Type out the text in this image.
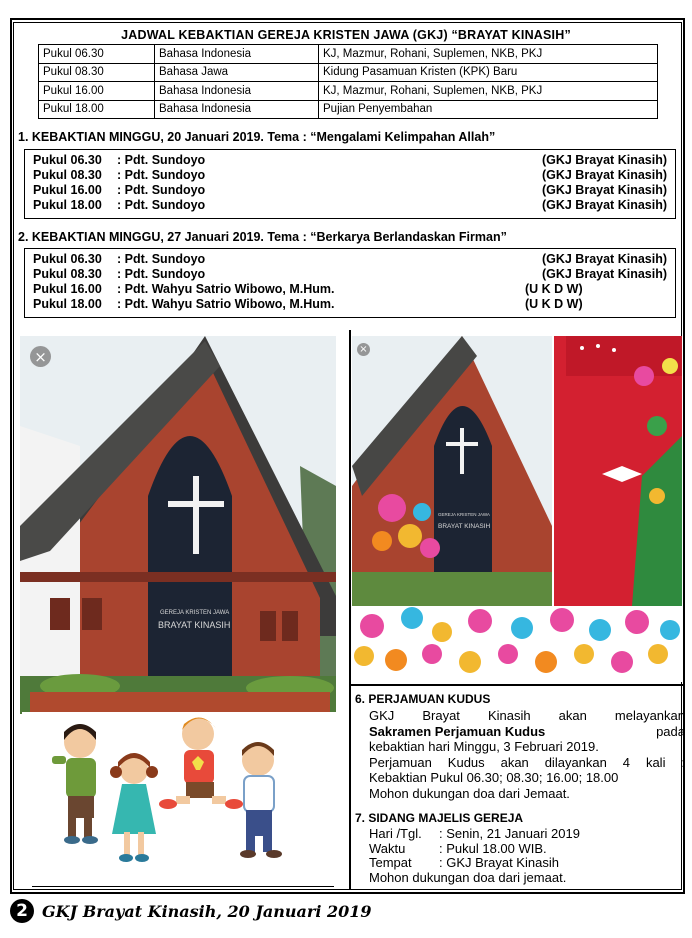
JADWAL KEBAKTIAN GEREJA KRISTEN JAWA (GKJ) “BRAYAT KINASIH”
Pukul 06.30	Bahasa Indonesia	KJ, Mazmur, Rohani, Suplemen, NKB, PKJ
Pukul 08.30	Bahasa Jawa	Kidung Pasamuan Kristen (KPK) Baru
Pukul 16.00	Bahasa Indonesia	KJ, Mazmur, Rohani, Suplemen, NKB, PKJ
Pukul 18.00	Bahasa Indonesia	Pujian Penyembahan
1. KEBAKTIAN MINGGU, 20 Januari 2019. Tema : “Mengalami Kelimpahan Allah”
Pukul 06.30 : Pdt. Sundoyo	(GKJ Brayat Kinasih)
Pukul 08.30 : Pdt. Sundoyo	(GKJ Brayat Kinasih)
Pukul 16.00 : Pdt. Sundoyo	(GKJ Brayat Kinasih)
Pukul 18.00 : Pdt. Sundoyo	(GKJ Brayat Kinasih)
2. KEBAKTIAN MINGGU, 27 Januari 2019. Tema : “Berkarya Berlandaskan Firman”
Pukul 06.30 : Pdt. Sundoyo	(GKJ Brayat Kinasih)
Pukul 08.30 : Pdt. Sundoyo	(GKJ Brayat Kinasih)
Pukul 16.00 : Pdt. Wahyu Satrio Wibowo, M.Hum.	(U K D W)
Pukul 18.00 : Pdt. Wahyu Satrio Wibowo, M.Hum.	(U K D W)
GEREJA KRISTEN JAWA
BRAYAT KINASIH
×
GEREJA KRISTEN JAWA
BRAYAT KINASIH
×
6. PERJAMUAN KUDUS
GKJ Brayat Kinasih akan melayankan
Sakramen Perjamuan Kudus	pada
kebaktian hari Minggu, 3 Februari 2019.
Perjamuan Kudus akan dilayankan 4 kali :
Kebaktian Pukul 06.30; 08.30; 16.00; 18.00
Mohon dukungan doa dari Jemaat.
7. SIDANG MAJELIS GEREJA
Hari /Tgl. : Senin, 21 Januari 2019
Waktu	: Pukul 18.00 WIB.
Tempat : GKJ Brayat Kinasih
Mohon dukungan doa dari jemaat.
2 GKJ Brayat Kinasih, 20 Januari 2019
